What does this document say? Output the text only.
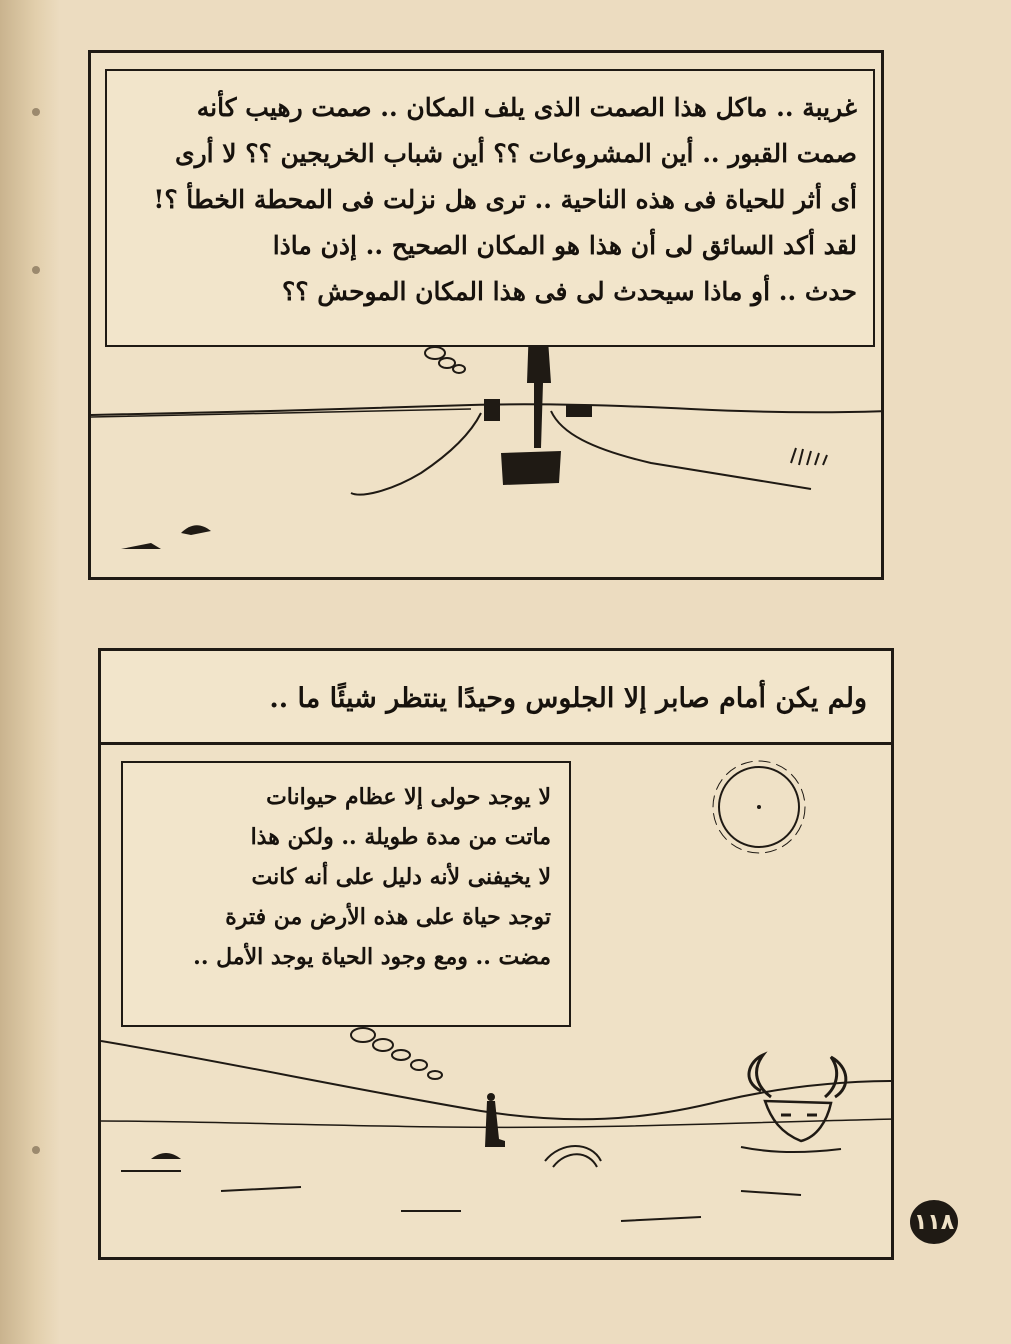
غريبة .. ماكل هذا الصمت الذى يلف المكان .. صمت رهيب كأنه
صمت القبور .. أين المشروعات ؟؟ أين شباب الخريجين ؟؟ لا أرى
أى أثر للحياة فى هذه الناحية .. ترى هل نزلت فى المحطة الخطأ ؟!
لقد أكد السائق لى أن هذا هو المكان الصحيح .. إذن ماذا
حدث .. أو ماذا سيحدث لى فى هذا المكان الموحش ؟؟
ولم يكن أمام صابر إلا الجلوس وحيدًا ينتظر شيئًا ما ..
لا يوجد حولى إلا عظام حيوانات
ماتت من مدة طويلة .. ولكن هذا
لا يخيفنى لأنه دليل على أنه كانت
توجد حياة على هذه الأرض من فترة
مضت .. ومع وجود الحياة يوجد الأمل ..
١١٨
